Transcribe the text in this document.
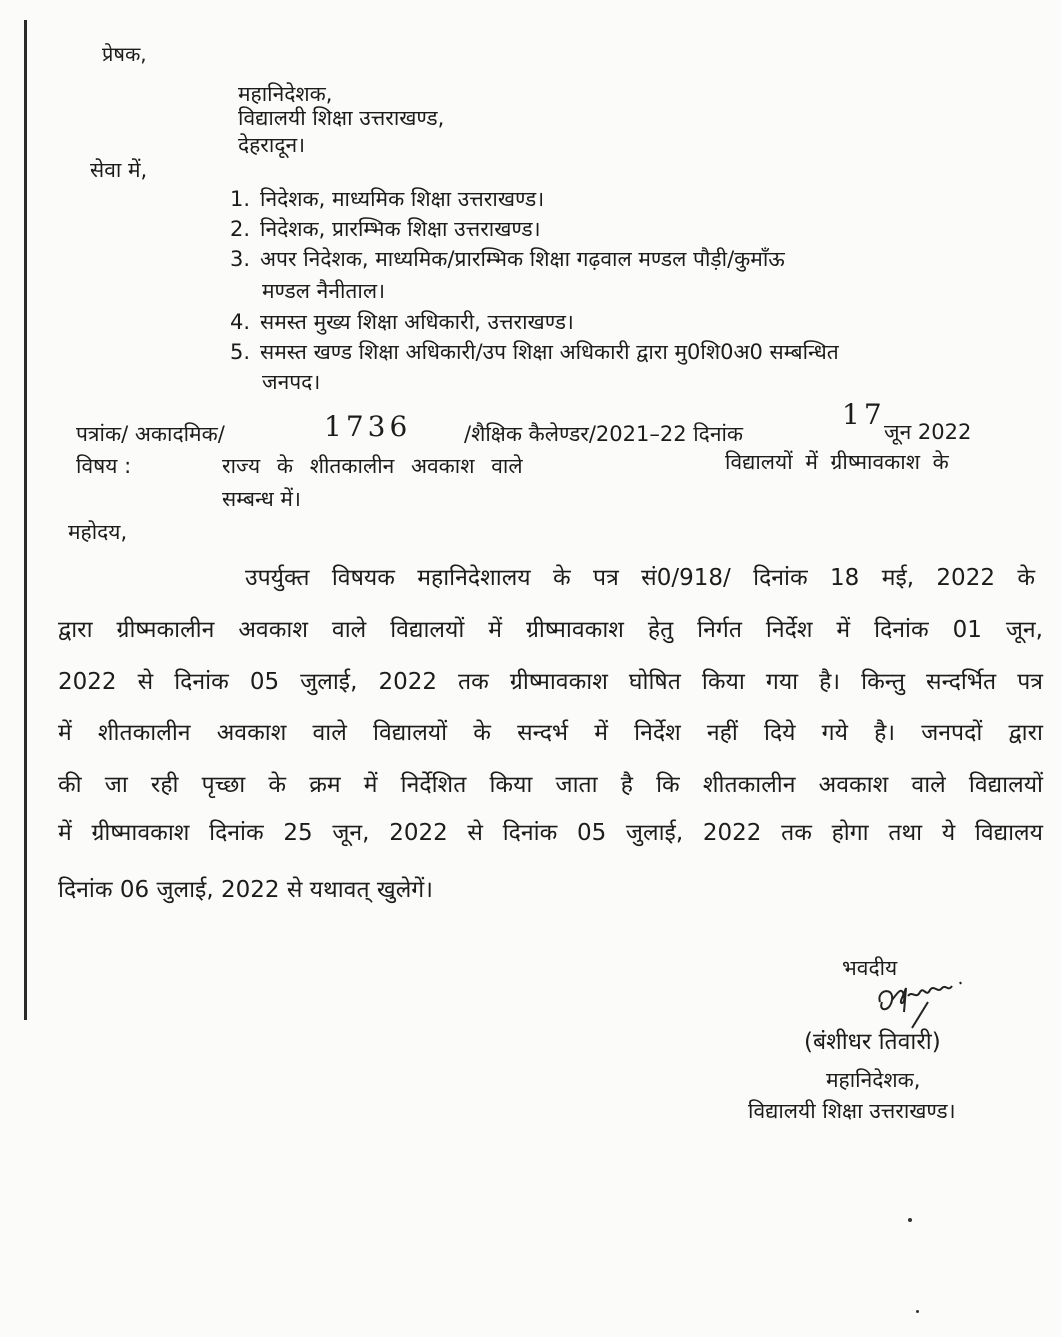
प्रेषक,
महानिदेशक,
विद्यालयी शिक्षा उत्तराखण्ड,
देहरादून।
सेवा में,
1. निदेशक, माध्यमिक शिक्षा उत्तराखण्ड।
2. निदेशक, प्रारम्भिक शिक्षा उत्तराखण्ड।
3. अपर निदेशक, माध्यमिक/प्रारम्भिक शिक्षा गढ़वाल मण्डल पौड़ी/कुमाँऊ
मण्डल नैनीताल।
4. समस्त मुख्य शिक्षा अधिकारी, उत्तराखण्ड।
5. समस्त खण्ड शिक्षा अधिकारी/उप शिक्षा अधिकारी द्वारा मु0शि0अ0 सम्बन्धित
जनपद।
पत्रांक/ अकादमिक/	1736	/शैक्षिक कैलेण्डर/2021–22 दिनांक
17
जून 2022
विषय :	राज्य के शीतकालीन अवकाश वाले	विद्यालयों में ग्रीष्मावकाश के
सम्बन्ध में।
महोदय,
उपर्युक्त विषयक महानिदेशालय के पत्र सं0/918/ दिनांक 18 मई, 2022 के
द्वारा ग्रीष्मकालीन अवकाश वाले विद्यालयों में ग्रीष्मावकाश हेतु निर्गत निर्देश में दिनांक 01 जून,
2022 से दिनांक 05 जुलाई, 2022 तक ग्रीष्मावकाश घोषित किया गया है। किन्तु सन्दर्भित पत्र
में शीतकालीन अवकाश वाले विद्यालयों के सन्दर्भ में निर्देश नहीं दिये गये है। जनपदों द्वारा
की जा रही पृच्छा के क्रम में निर्देशित किया जाता है कि शीतकालीन अवकाश वाले विद्यालयों
में ग्रीष्मावकाश दिनांक 25 जून, 2022 से दिनांक 05 जुलाई, 2022 तक होगा तथा ये विद्यालय
दिनांक 06 जुलाई, 2022 से यथावत् खुलेगें।
भवदीय
(बंशीधर तिवारी)
महानिदेशक,
विद्यालयी शिक्षा उत्तराखण्ड।
